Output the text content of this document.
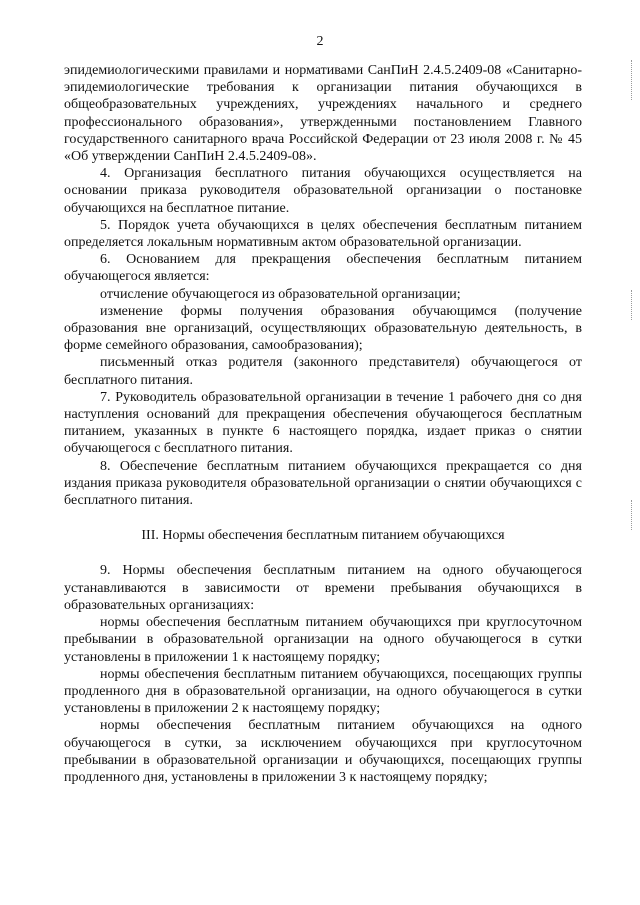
2

эпидемиологическими правилами и нормативами СанПиН 2.4.5.2409-08 «Санитарно-эпидемиологические требования к организации питания обучающихся в общеобразовательных учреждениях, учреждениях начального и среднего профессионального образования», утвержденными постановлением Главного государственного санитарного врача Российской Федерации от 23 июля 2008 г. № 45 «Об утверждении СанПиН 2.4.5.2409-08».

4. Организация бесплатного питания обучающихся осуществляется на основании приказа руководителя образовательной организации о постановке обучающихся на бесплатное питание.

5. Порядок учета обучающихся в целях обеспечения бесплатным питанием определяется локальным нормативным актом образовательной организации.

6. Основанием для прекращения обеспечения бесплатным питанием обучающегося является:

отчисление обучающегося из образовательной организации;

изменение формы получения образования обучающимся (получение образования вне организаций, осуществляющих образовательную деятельность, в форме семейного образования, самообразования);

письменный отказ родителя (законного представителя) обучающегося от бесплатного питания.

7. Руководитель образовательной организации в течение 1 рабочего дня со дня наступления оснований для прекращения обеспечения обучающегося бесплатным питанием, указанных в пункте 6 настоящего порядка, издает приказ о снятии обучающегося с бесплатного питания.

8. Обеспечение бесплатным питанием обучающихся прекращается со дня издания приказа руководителя образовательной организации о снятии обучающихся с бесплатного питания.

III. Нормы обеспечения бесплатным питанием обучающихся

9. Нормы обеспечения бесплатным питанием на одного обучающегося устанавливаются в зависимости от времени пребывания обучающихся в образовательных организациях:

нормы обеспечения бесплатным питанием обучающихся при круглосуточном пребывании в образовательной организации на одного обучающегося в сутки установлены в приложении 1 к настоящему порядку;

нормы обеспечения бесплатным питанием обучающихся, посещающих группы продленного дня в образовательной организации, на одного обучающегося в сутки установлены в приложении 2 к настоящему порядку;

нормы обеспечения бесплатным питанием обучающихся на одного обучающегося в сутки, за исключением обучающихся при круглосуточном пребывании в образовательной организации и обучающихся, посещающих группы продленного дня, установлены в приложении 3 к настоящему порядку;
